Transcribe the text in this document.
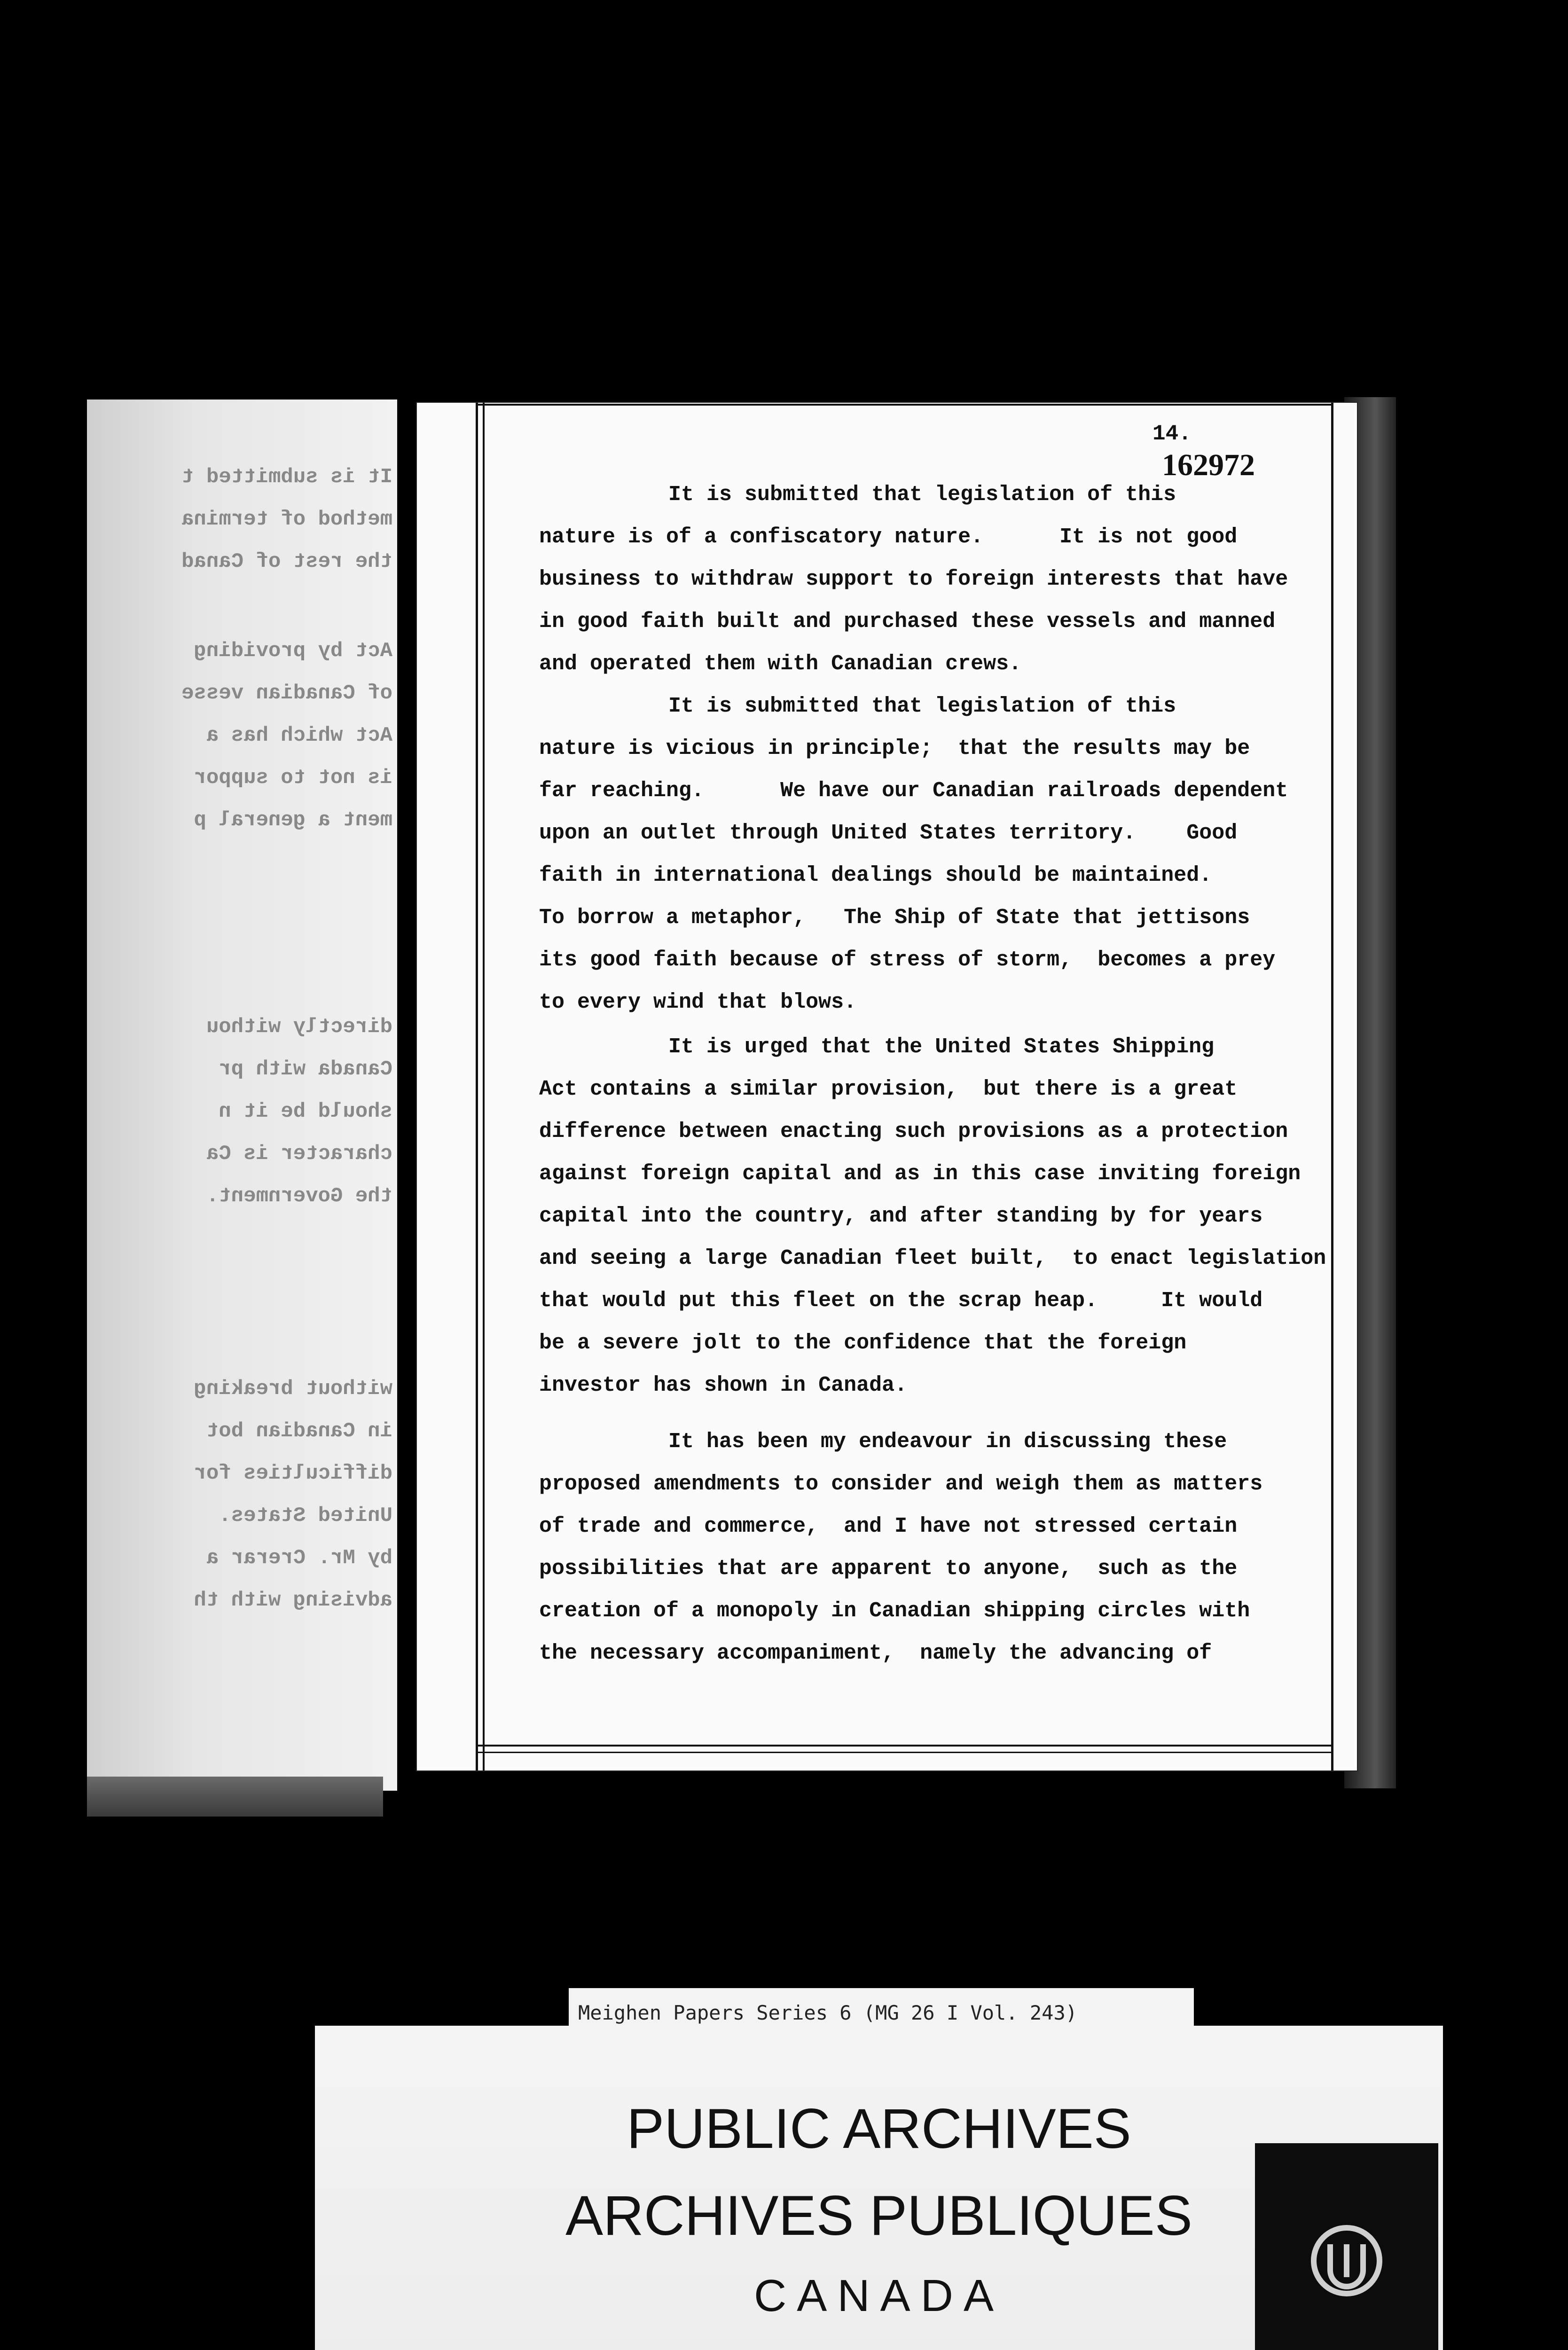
It is submitted t
method of termina
the rest of Canad
Act by providing
of Canadian vesse
Act which has a
is not to suppor
ment a general p
directly withou
Canada with pr
should be it n
character is Ca
the Government.
without breaking
in Canadian bot
difficulties for
United States.
by Mr. Crerar a
advising with th
14.
162972
It is submitted that legislation of this
nature is of a confiscatory nature.      It is not good
business to withdraw support to foreign interests that have
in good faith built and purchased these vessels and manned
and operated them with Canadian crews.
It is submitted that legislation of this
nature is vicious in principle;  that the results may be
far reaching.      We have our Canadian railroads dependent
upon an outlet through United States territory.    Good
faith in international dealings should be maintained.
To borrow a metaphor,   The Ship of State that jettisons
its good faith because of stress of storm,  becomes a prey
to every wind that blows.
It is urged that the United States Shipping
Act contains a similar provision,  but there is a great
difference between enacting such provisions as a protection
against foreign capital and as in this case inviting foreign
capital into the country, and after standing by for years
and seeing a large Canadian fleet built,  to enact legislation
that would put this fleet on the scrap heap.     It would
be a severe jolt to the confidence that the foreign
investor has shown in Canada.
It has been my endeavour in discussing these
proposed amendments to consider and weigh them as matters
of trade and commerce,  and I have not stressed certain
possibilities that are apparent to anyone,  such as the
creation of a monopoly in Canadian shipping circles with
the necessary accompaniment,  namely the advancing of
Meighen Papers Series 6 (MG 26 I Vol. 243)
PUBLIC ARCHIVES
ARCHIVES PUBLIQUES
CANADA
